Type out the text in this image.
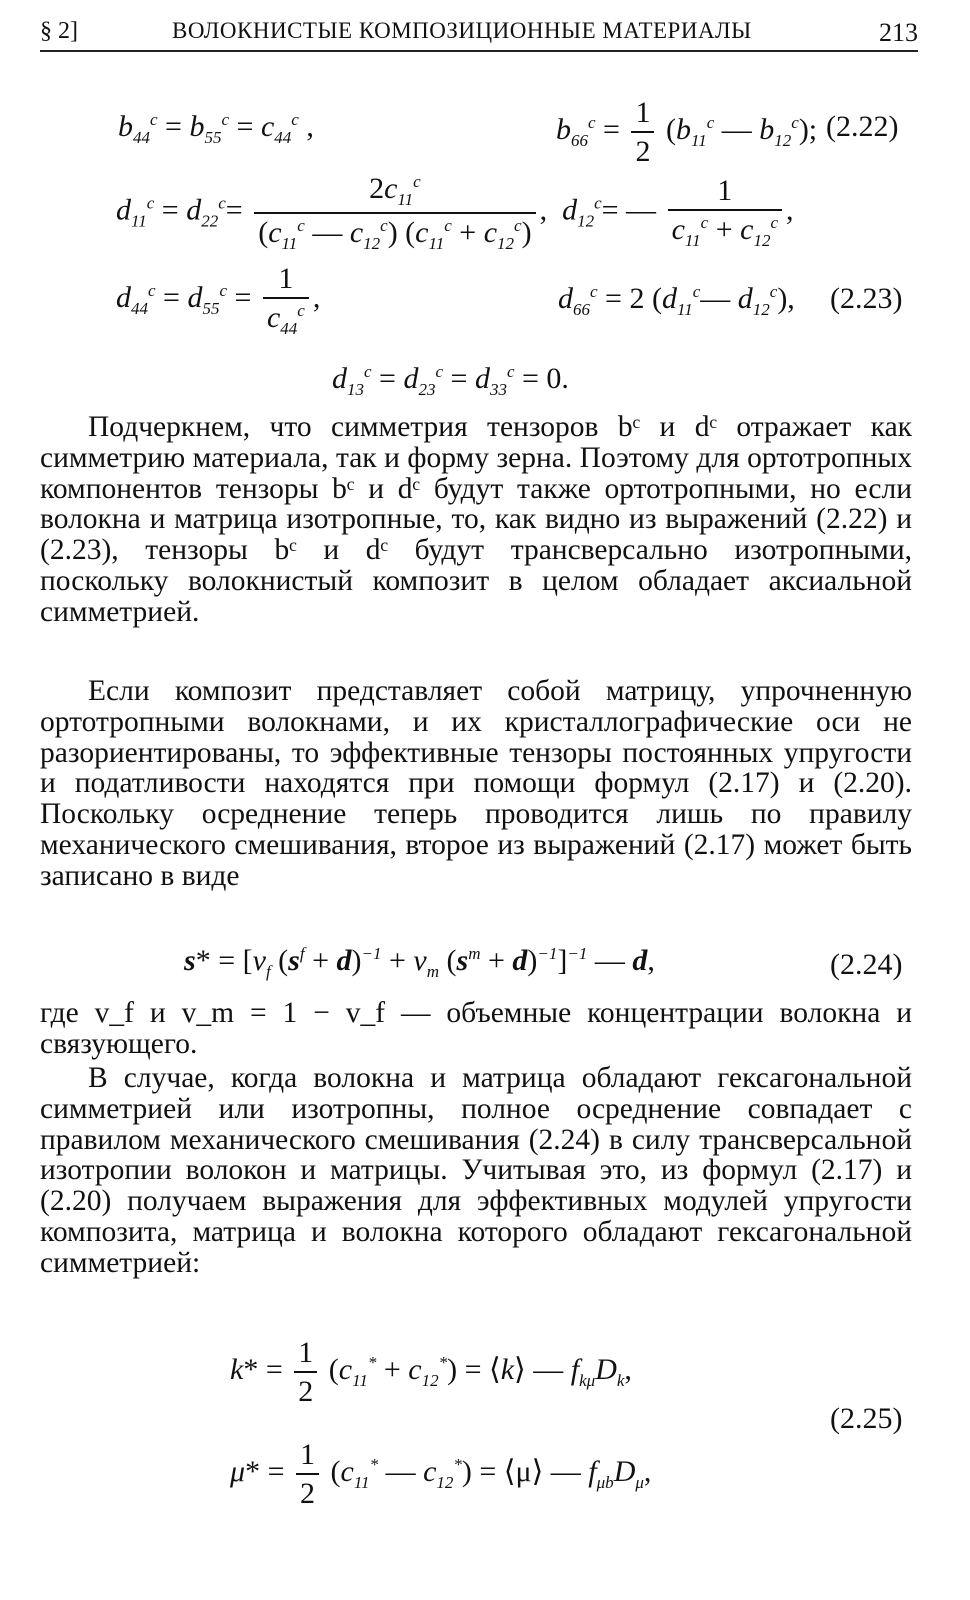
§ 2]	ВОЛОКНИСТЫЕ КОМПОЗИЦИОННЫЕ МАТЕРИАЛЫ	213
$b_{44}^c = b_{55}^c = c_{44}^c$ ,	$b_{66}^c = \frac{1}{2} (b_{11}^c$ — $b_{12}^c$); (2.22)
$d_{11}^c = d_{22}^c= \frac{2c_{11}^c}{(c_{11}^c — c_{12}^c) (c_{11}^c + c_{12}^c)}$ ,  $d_{12}^c=$ — $\frac{1}{c_{11}^c + c_{12}^c}$ ,
$d_{44}^c = d_{55}^c = \frac{1}{c_{44}^c}$ ,	$d_{66}^c = 2$ ($d_{11}^c—$ $d_{12}^c$), (2.23)
$d_{13}^c = d_{23}^c = d_{33}^c = 0$.

Подчеркнем, что симметрия тензоров bᶜ и dᶜ отражает как симметрию материала, так и форму зерна. Поэтому для ортотропных компонентов тензоры bᶜ и dᶜ будут также ортотропными, но если волокна и матрица изотропные, то, как видно из выражений (2.22) и (2.23), тензоры bᶜ и dᶜ будут трансверсально изотропными, поскольку волокнистый композит в целом обладает аксиальной симметрией.

Если композит представляет собой матрицу, упрочненную ортотропными волокнами, и их кристаллографические оси не разориентированы, то эффективные тензоры постоянных упругости и податливости находятся при помощи формул (2.17) и (2.20). Поскольку осреднение теперь проводится лишь по правилу механического смешивания, второе из выражений (2.17) может быть записано в виде

$s* = [v_f$ $(s^f + d)^{-1} + v_m$ $(s^m + d)^{-1}]^{-1}$ — d,	(2.24)

где v_f и v_m = 1 − v_f — объемные концентрации волокна и связующего.

В случае, когда волокна и матрица обладают гексагональной симметрией или изотропны, полное осреднение совпадает с правилом механического смешивания (2.24) в силу трансверсальной изотропии волокон и матрицы. Учитывая это, из формул (2.17) и (2.20) получаем выражения для эффективных модулей упругости композита, матрица и волокна которого обладают гексагональной симметрией:

$k* = \frac{1}{2} (c_{11}^* + c_{12}^*)$ = ⟨k⟩ — $f_{k\mu}D_k$,
(2.25)
$\mu* = \frac{1}{2} (c_{11}^*$ — $c_{12}^*$) = ⟨μ⟩ — $f_{\mu b}D_\mu$,
